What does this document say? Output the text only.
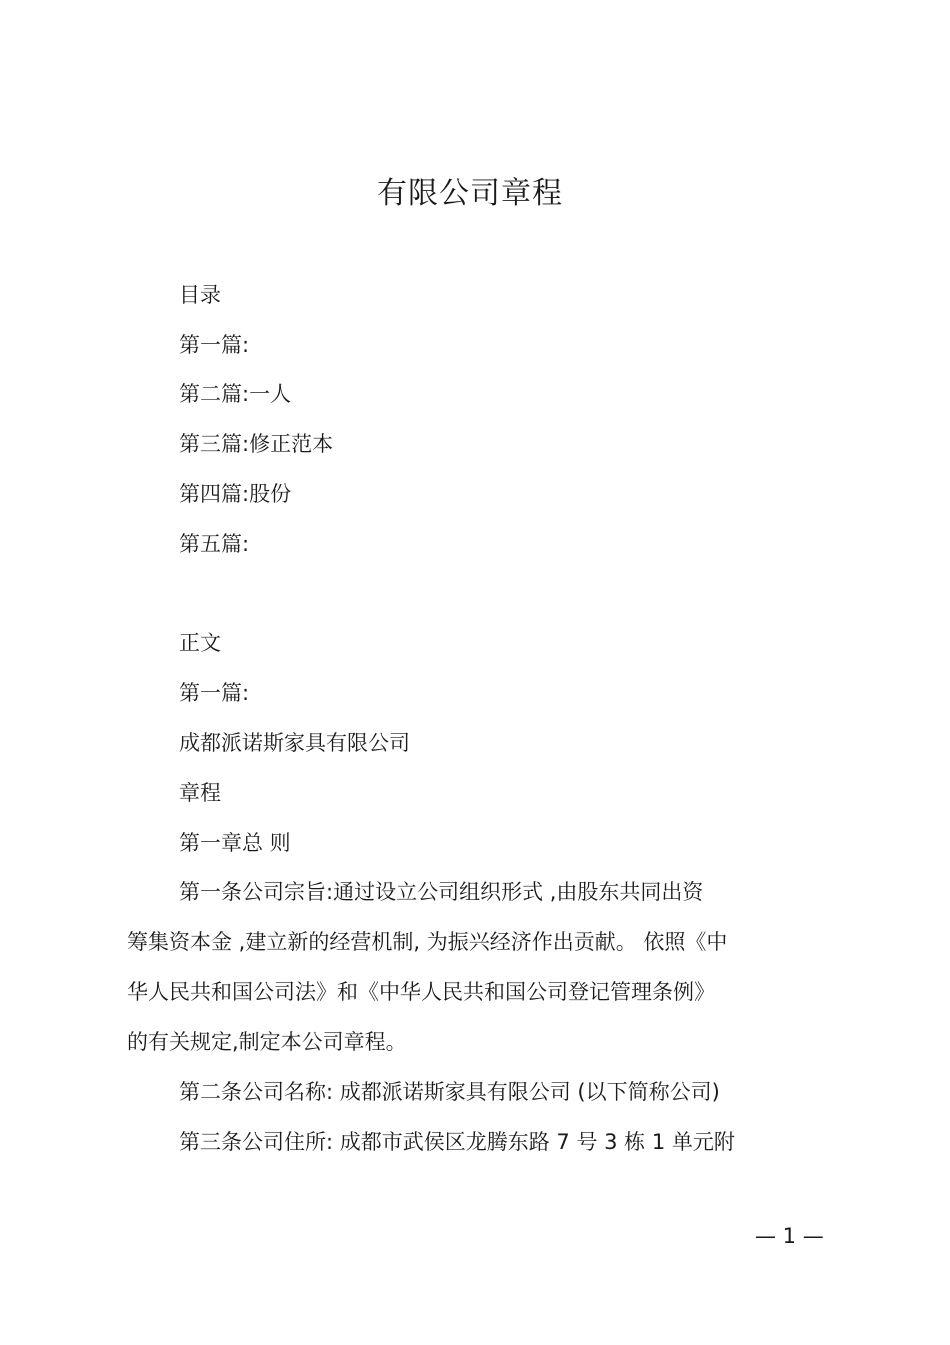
有限公司章程
目录
第一篇:
第二篇:一人
第三篇:修正范本
第四篇:股份
第五篇:
正文
第一篇:
成都派诺斯家具有限公司
章程
第一章总 则
第一条公司宗旨:通过设立公司组织形式 ,由股东共同出资
筹集资本金 ,建立新的经营机制, 为振兴经济作出贡献。 依照《中
华人民共和国公司法》和《中华人民共和国公司登记管理条例》
的有关规定,制定本公司章程。
第二条公司名称: 成都派诺斯家具有限公司 (以下简称公司)
第三条公司住所: 成都市武侯区龙腾东路 7 号 3 栋 1 单元附
— 1 —
